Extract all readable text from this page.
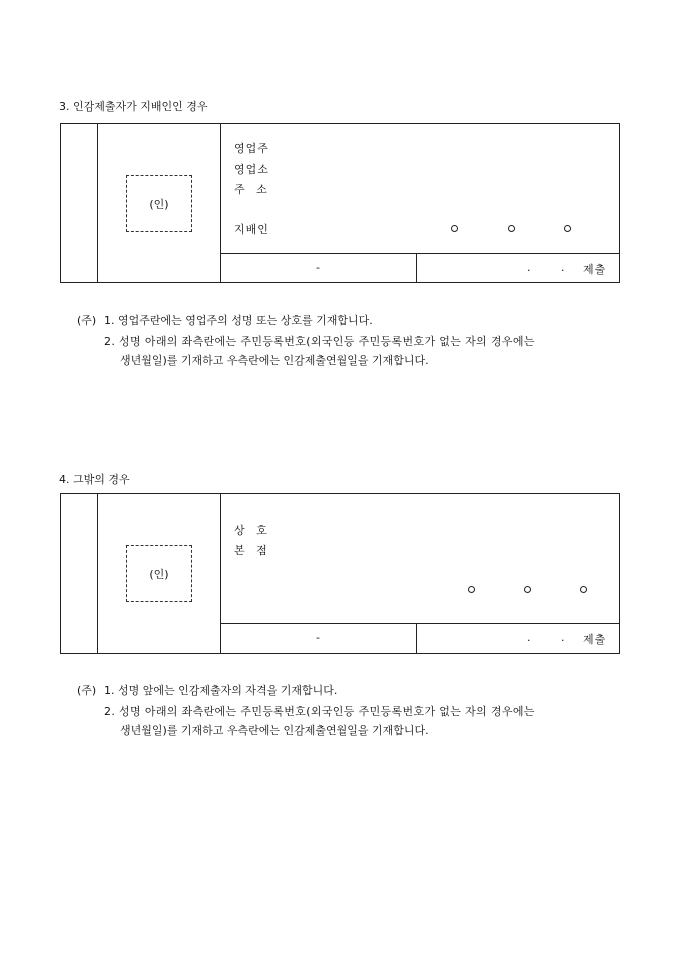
3. 인감제출자가 지배인인 경우
(인)
영업주
영업소
주 소
지배인
-	.	. 제출
(주) 1. 영업주란에는 영업주의 성명 또는 상호를 기재합니다.
2. 성명 아래의 좌측란에는 주민등록번호(외국인등 주민등록번호가 없는 자의 경우에는
생년월일)를 기재하고 우측란에는 인감제출연월일을 기재합니다.
4. 그밖의 경우
(인)
상 호
본 점
-	.	. 제출
(주) 1. 성명 앞에는 인감제출자의 자격을 기재합니다.
2. 성명 아래의 좌측란에는 주민등록번호(외국인등 주민등록번호가 없는 자의 경우에는
생년월일)를 기재하고 우측란에는 인감제출연월일을 기재합니다.
